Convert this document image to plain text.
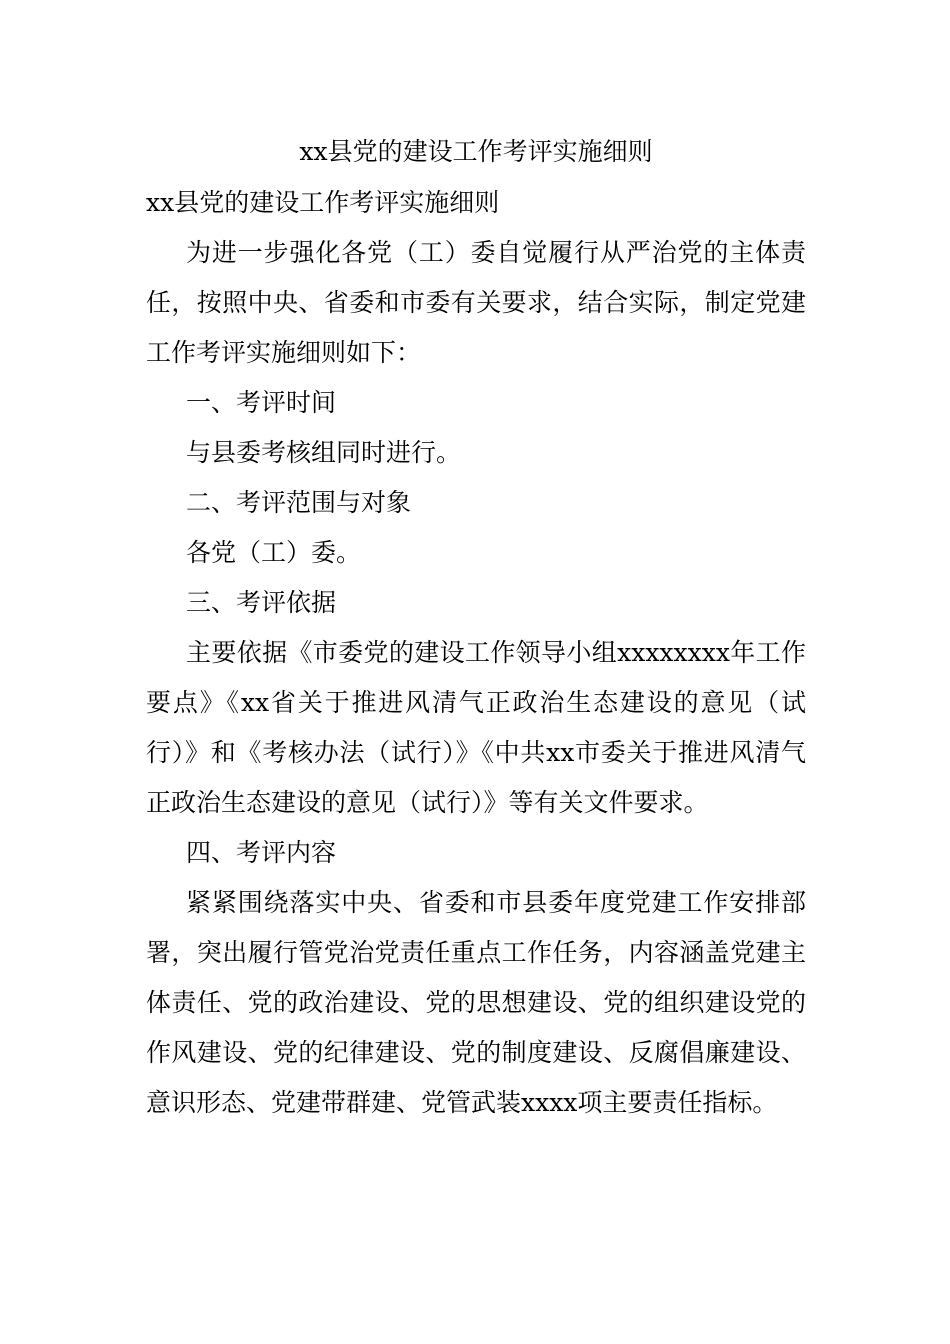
xx县党的建设工作考评实施细则

xx县党的建设工作考评实施细则

为进一步强化各党（工）委自觉履行从严治党的主体责任，按照中央、省委和市委有关要求，结合实际，制定党建工作考评实施细则如下：

一、考评时间

与县委考核组同时进行。

二、考评范围与对象

各党（工）委。

三、考评依据

主要依据《市委党的建设工作领导小组xxxxxxxx年工作要点》《xx省关于推进风清气正政治生态建设的意见（试行）》和《考核办法（试行）》《中共xx市委关于推进风清气正政治生态建设的意见（试行）》等有关文件要求。

四、考评内容

紧紧围绕落实中央、省委和市县委年度党建工作安排部署，突出履行管党治党责任重点工作任务，内容涵盖党建主体责任、党的政治建设、党的思想建设、党的组织建设党的作风建设、党的纪律建设、党的制度建设、反腐倡廉建设、意识形态、党建带群建、党管武装xxxx项主要责任指标。
